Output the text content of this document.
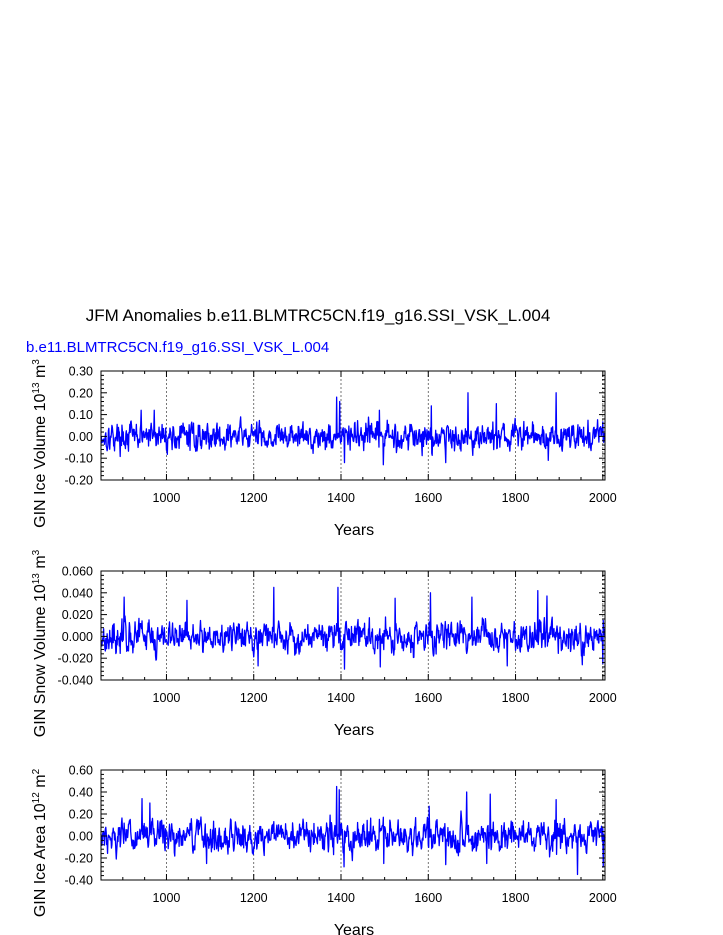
JFM Anomalies b.e11.BLMTRC5CN.f19_g16.SSI_VSK_L.004
b.e11.BLMTRC5CN.f19_g16.SSI_VSK_L.004
1000	1200	1400	1600	1800	2000
-0.20
-0.10
0.00
0.10
0.20
0.30
Years
GIN Ice Volume $10^{13}$ $m^3$
1000	1200	1400	1600	1800	2000
-0.040
-0.020
0.000
0.020
0.040
0.060
Years
GIN Snow Volume $10^{13}$ $m^3$
1000	1200	1400	1600	1800	2000
-0.40
-0.20
0.00
0.20
0.40
0.60
Years
GIN Ice Area $10^{12}$ $m^2$
